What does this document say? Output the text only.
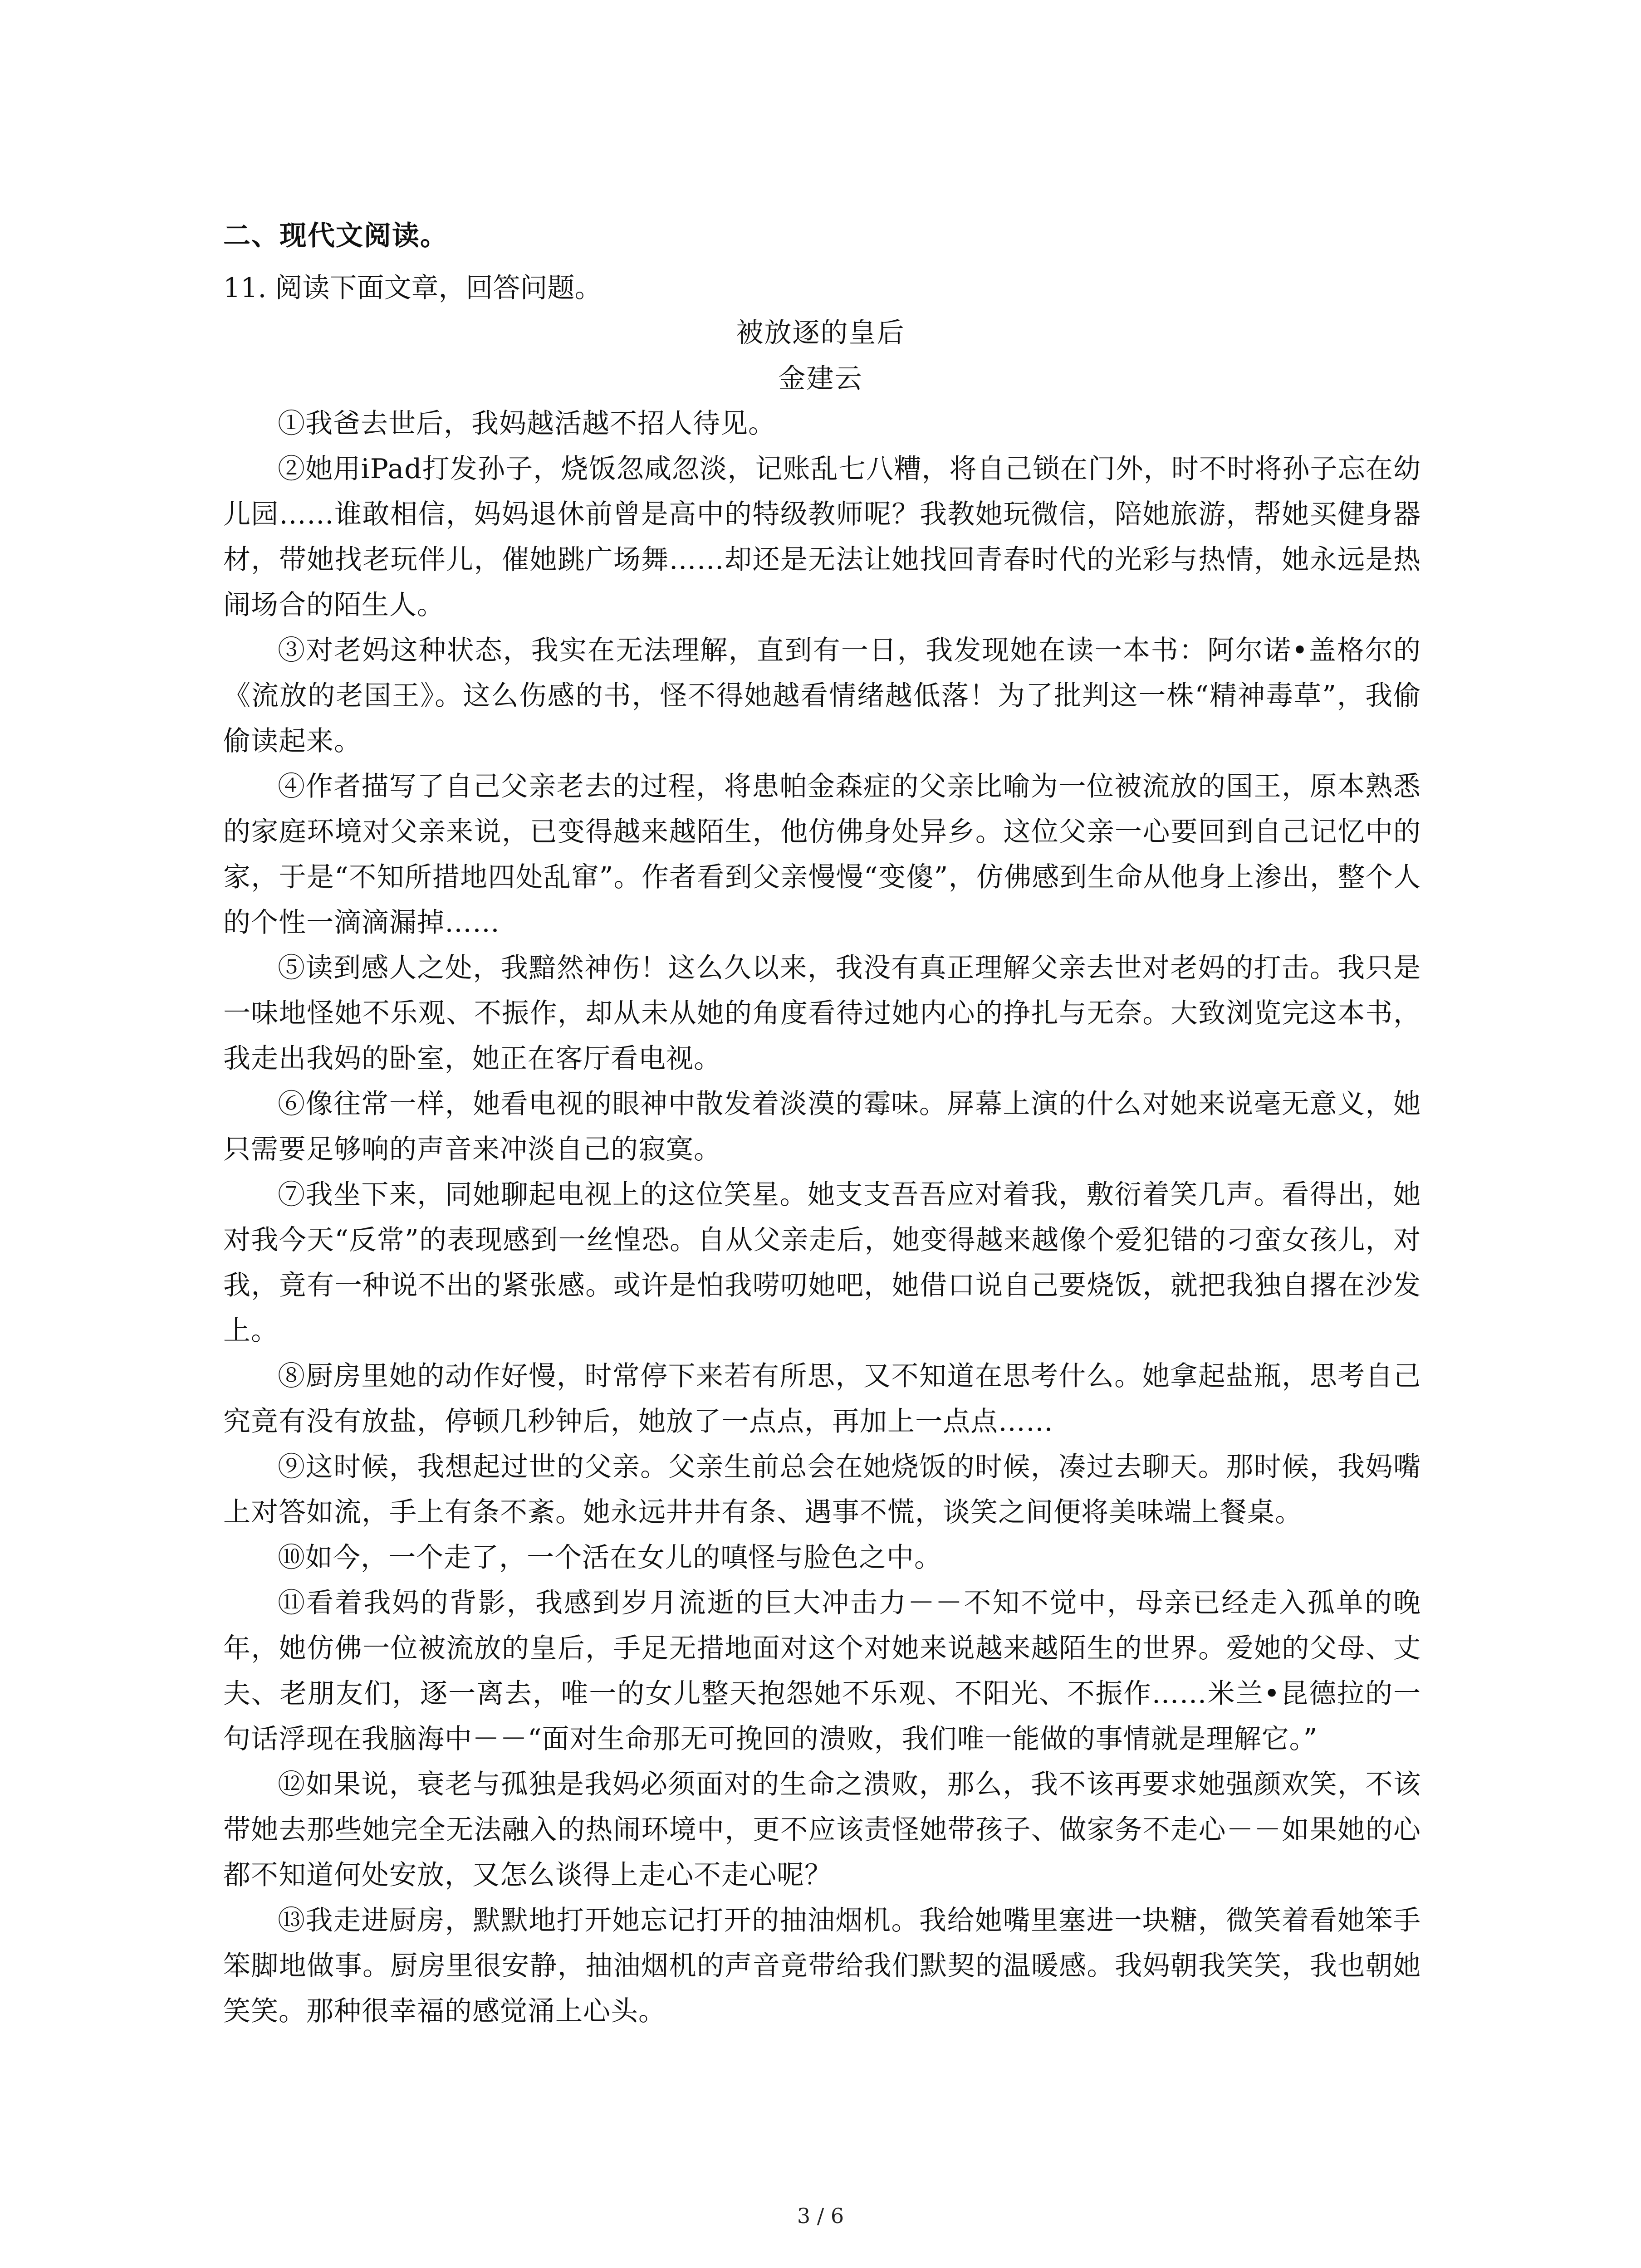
二、现代文阅读。
11. 阅读下面文章，回答问题。
被放逐的皇后
金建云

①我爸去世后，我妈越活越不招人待见。

②她用iPad打发孙子，烧饭忽咸忽淡，记账乱七八糟，将自己锁在门外，时不时将孙子忘在幼儿园……谁敢相信，妈妈退休前曾是高中的特级教师呢？我教她玩微信，陪她旅游，帮她买健身器材，带她找老玩伴儿，催她跳广场舞……却还是无法让她找回青春时代的光彩与热情，她永远是热闹场合的陌生人。

③对老妈这种状态，我实在无法理解，直到有一日，我发现她在读一本书：阿尔诺•盖格尔的《流放的老国王》。这么伤感的书，怪不得她越看情绪越低落！为了批判这一株“精神毒草”，我偷偷读起来。

④作者描写了自己父亲老去的过程，将患帕金森症的父亲比喻为一位被流放的国王，原本熟悉的家庭环境对父亲来说，已变得越来越陌生，他仿佛身处异乡。这位父亲一心要回到自己记忆中的家，于是“不知所措地四处乱窜”。作者看到父亲慢慢“变傻”，仿佛感到生命从他身上渗出，整个人的个性一滴滴漏掉……

⑤读到感人之处，我黯然神伤！这么久以来，我没有真正理解父亲去世对老妈的打击。我只是一味地怪她不乐观、不振作，却从未从她的角度看待过她内心的挣扎与无奈。大致浏览完这本书，我走出我妈的卧室，她正在客厅看电视。

⑥像往常一样，她看电视的眼神中散发着淡漠的霉味。屏幕上演的什么对她来说毫无意义，她只需要足够响的声音来冲淡自己的寂寞。

⑦我坐下来，同她聊起电视上的这位笑星。她支支吾吾应对着我，敷衍着笑几声。看得出，她对我今天“反常”的表现感到一丝惶恐。自从父亲走后，她变得越来越像个爱犯错的刁蛮女孩儿，对我，竟有一种说不出的紧张感。或许是怕我唠叨她吧，她借口说自己要烧饭，就把我独自撂在沙发上。

⑧厨房里她的动作好慢，时常停下来若有所思，又不知道在思考什么。她拿起盐瓶，思考自己究竟有没有放盐，停顿几秒钟后，她放了一点点，再加上一点点……

⑨这时候，我想起过世的父亲。父亲生前总会在她烧饭的时候，凑过去聊天。那时候，我妈嘴上对答如流，手上有条不紊。她永远井井有条、遇事不慌，谈笑之间便将美味端上餐桌。

⑩如今，一个走了，一个活在女儿的嗔怪与脸色之中。

⑪看着我妈的背影，我感到岁月流逝的巨大冲击力－－不知不觉中，母亲已经走入孤单的晚年，她仿佛一位被流放的皇后，手足无措地面对这个对她来说越来越陌生的世界。爱她的父母、丈夫、老朋友们，逐一离去，唯一的女儿整天抱怨她不乐观、不阳光、不振作……米兰•昆德拉的一句话浮现在我脑海中－－“面对生命那无可挽回的溃败，我们唯一能做的事情就是理解它。”

⑫如果说，衰老与孤独是我妈必须面对的生命之溃败，那么，我不该再要求她强颜欢笑，不该带她去那些她完全无法融入的热闹环境中，更不应该责怪她带孩子、做家务不走心－－如果她的心都不知道何处安放，又怎么谈得上走心不走心呢？

⑬我走进厨房，默默地打开她忘记打开的抽油烟机。我给她嘴里塞进一块糖，微笑着看她笨手笨脚地做事。厨房里很安静，抽油烟机的声音竟带给我们默契的温暖感。我妈朝我笑笑，我也朝她笑笑。那种很幸福的感觉涌上心头。

3 / 6
